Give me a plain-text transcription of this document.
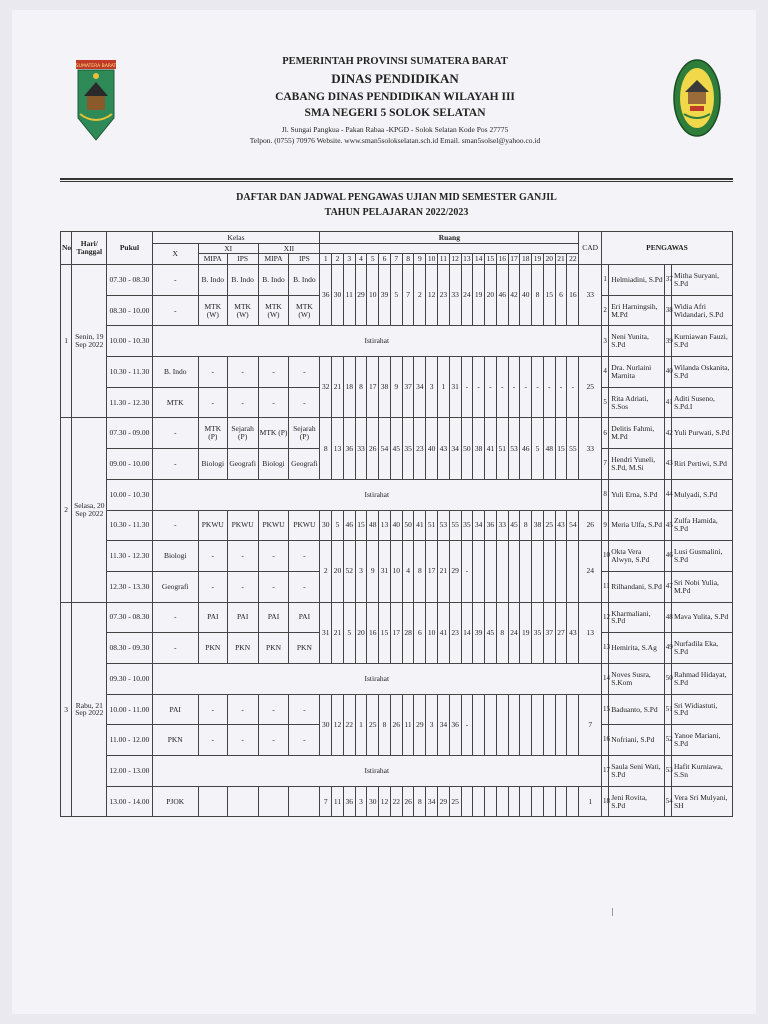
SUMATERA BARAT	PEMERINTAH PROVINSI SUMATERA BARAT
DINAS PENDIDIKAN
CABANG DINAS PENDIDIKAN WILAYAH III
SMA NEGERI 5 SOLOK SELATAN
Jl. Sungai Pangkua - Pakan Rabaa -KPGD - Solok Selatan Kode Pos 27775
Telpon. (0755) 70976 Website. www.sman5solokselatan.sch.id Email. sman5solsel@yahoo.co.id
DAFTAR DAN JADWAL PENGAWAS UJIAN MID SEMESTER GANJIL
TAHUN PELAJARAN 2022/2023
No	Hari/ Tanggal	Pukul	Kelas					Ruang																						CAD	PENGAWAS			
			X	XI		XII																												
				MIPA	IPS	MIPA	IPS	1	2	3	4	5	6	7	8	9	10	11	12	13	14	15	16	17	18	19	20	21	22					
1	Senin, 19 Sep 2022	07.30 - 08.30	-	B. Indo	B. Indo	B. Indo	B. Indo	36	30	11	29	10	39	5	7	2	12	23	33	24	19	20	46	42	40	8	15	6	16	33	1	Helmiadini, S.Pd	37	Mitha Suryani, S.Pd
		08.30 - 10.00	-	MTK (W)	MTK (W)	MTK (W)	MTK (W)																								2	Eri Harningsih, M.Pd	38	Widia Afri Widandari, S.Pd
		10.00 - 10.30	Istirahat																												3	Neni Yunita, S.Pd	39	Kurniawan Fauzi, S.Pd
		10.30 - 11.30	B. Indo	-	-	-	-	32	21	18	8	17	38	9	37	34	3	1	31	-	-	-	-	-	-	-	-	-	-	25	4	Dra. Nurlaini Marnita	40	Wilanda Oskanita, S.Pd
		11.30 - 12.30	MTK	-	-	-	-																								5	Rita Adriati, S.Sos	41	Aditi Suseno, S.Pd.I
2	Selasa, 20 Sep 2022	07.30 - 09.00	-	MTK (P)	Sejarah (P)	MTK (P)	Sejarah (P)	8	13	36	33	26	54	45	35	23	40	43	34	50	38	41	51	53	46	5	48	15	55	33	6	Delitis Fahmi, M.Pd	42	Yuli Purwati, S.Pd
		09.00 - 10.00	-	Biologi	Geografi	Biologi	Geografi																								7	Hendri Yuneli, S.Pd, M.Si	43	Riri Pertiwi, S.Pd
		10.00 - 10.30	Istirahat																												8	Yuli Erna, S.Pd	44	Mulyadi, S.Pd
		10.30 - 11.30	-	PKWU	PKWU	PKWU	PKWU	30	5	46	15	48	13	40	50	41	51	53	55	35	34	36	33	45	8	38	25	43	54	26	9	Meria Ulfa, S.Pd	45	Zulfa Hamida, S.Pd
		11.30 - 12.30	Biologi	-	-	-	-	2	20	52	3	9	31	10	4	8	17	21	29	-										24	10	Okta Vera Alwyn, S.Pd	46	Lusi Gusmalini, S.Pd
		12.30 - 13.30	Geografi	-	-	-	-																								11	Rilhandani, S.Pd	47	Sri Nobi Yulia, M.Pd
3	Rabu, 21 Sep 2022	07.30 - 08.30	-	PAI	PAI	PAI	PAI	31	21	5	20	16	15	17	28	6	10	41	23	14	39	45	8	24	19	35	37	27	43	13	12	Kharmaliani, S.Pd	48	Mava Yulita, S.Pd
		08.30 - 09.30	-	PKN	PKN	PKN	PKN																								13	Hemirita, S.Ag	49	Nurfadila Eka, S.Pd
		09.30 - 10.00	Istirahat																												14	Noves Susra, S.Kom	50	Rahmad Hidayat, S.Pd
		10.00 - 11.00	PAI	-	-	-	-	30	12	22	1	25	8	26	11	29	3	34	36	-										7	15	Baduanto, S.Pd	51	Sri Widiastuti, S.Pd
		11.00 - 12.00	PKN	-	-	-	-																								16	Nofriani, S.Pd	52	Yanoe Mariani, S.Pd
		12.00 - 13.00	Istirahat																												17	Saula Seni Wati, S.Pd	53	Hafit Kurniawa, S.Sn
		13.00 - 14.00	PJOK					7	11	36	3	30	12	22	26	8	34	29	25											1	18	Jeni Rovita, S.Pd	54	Vera Sri Mulyani, SH
